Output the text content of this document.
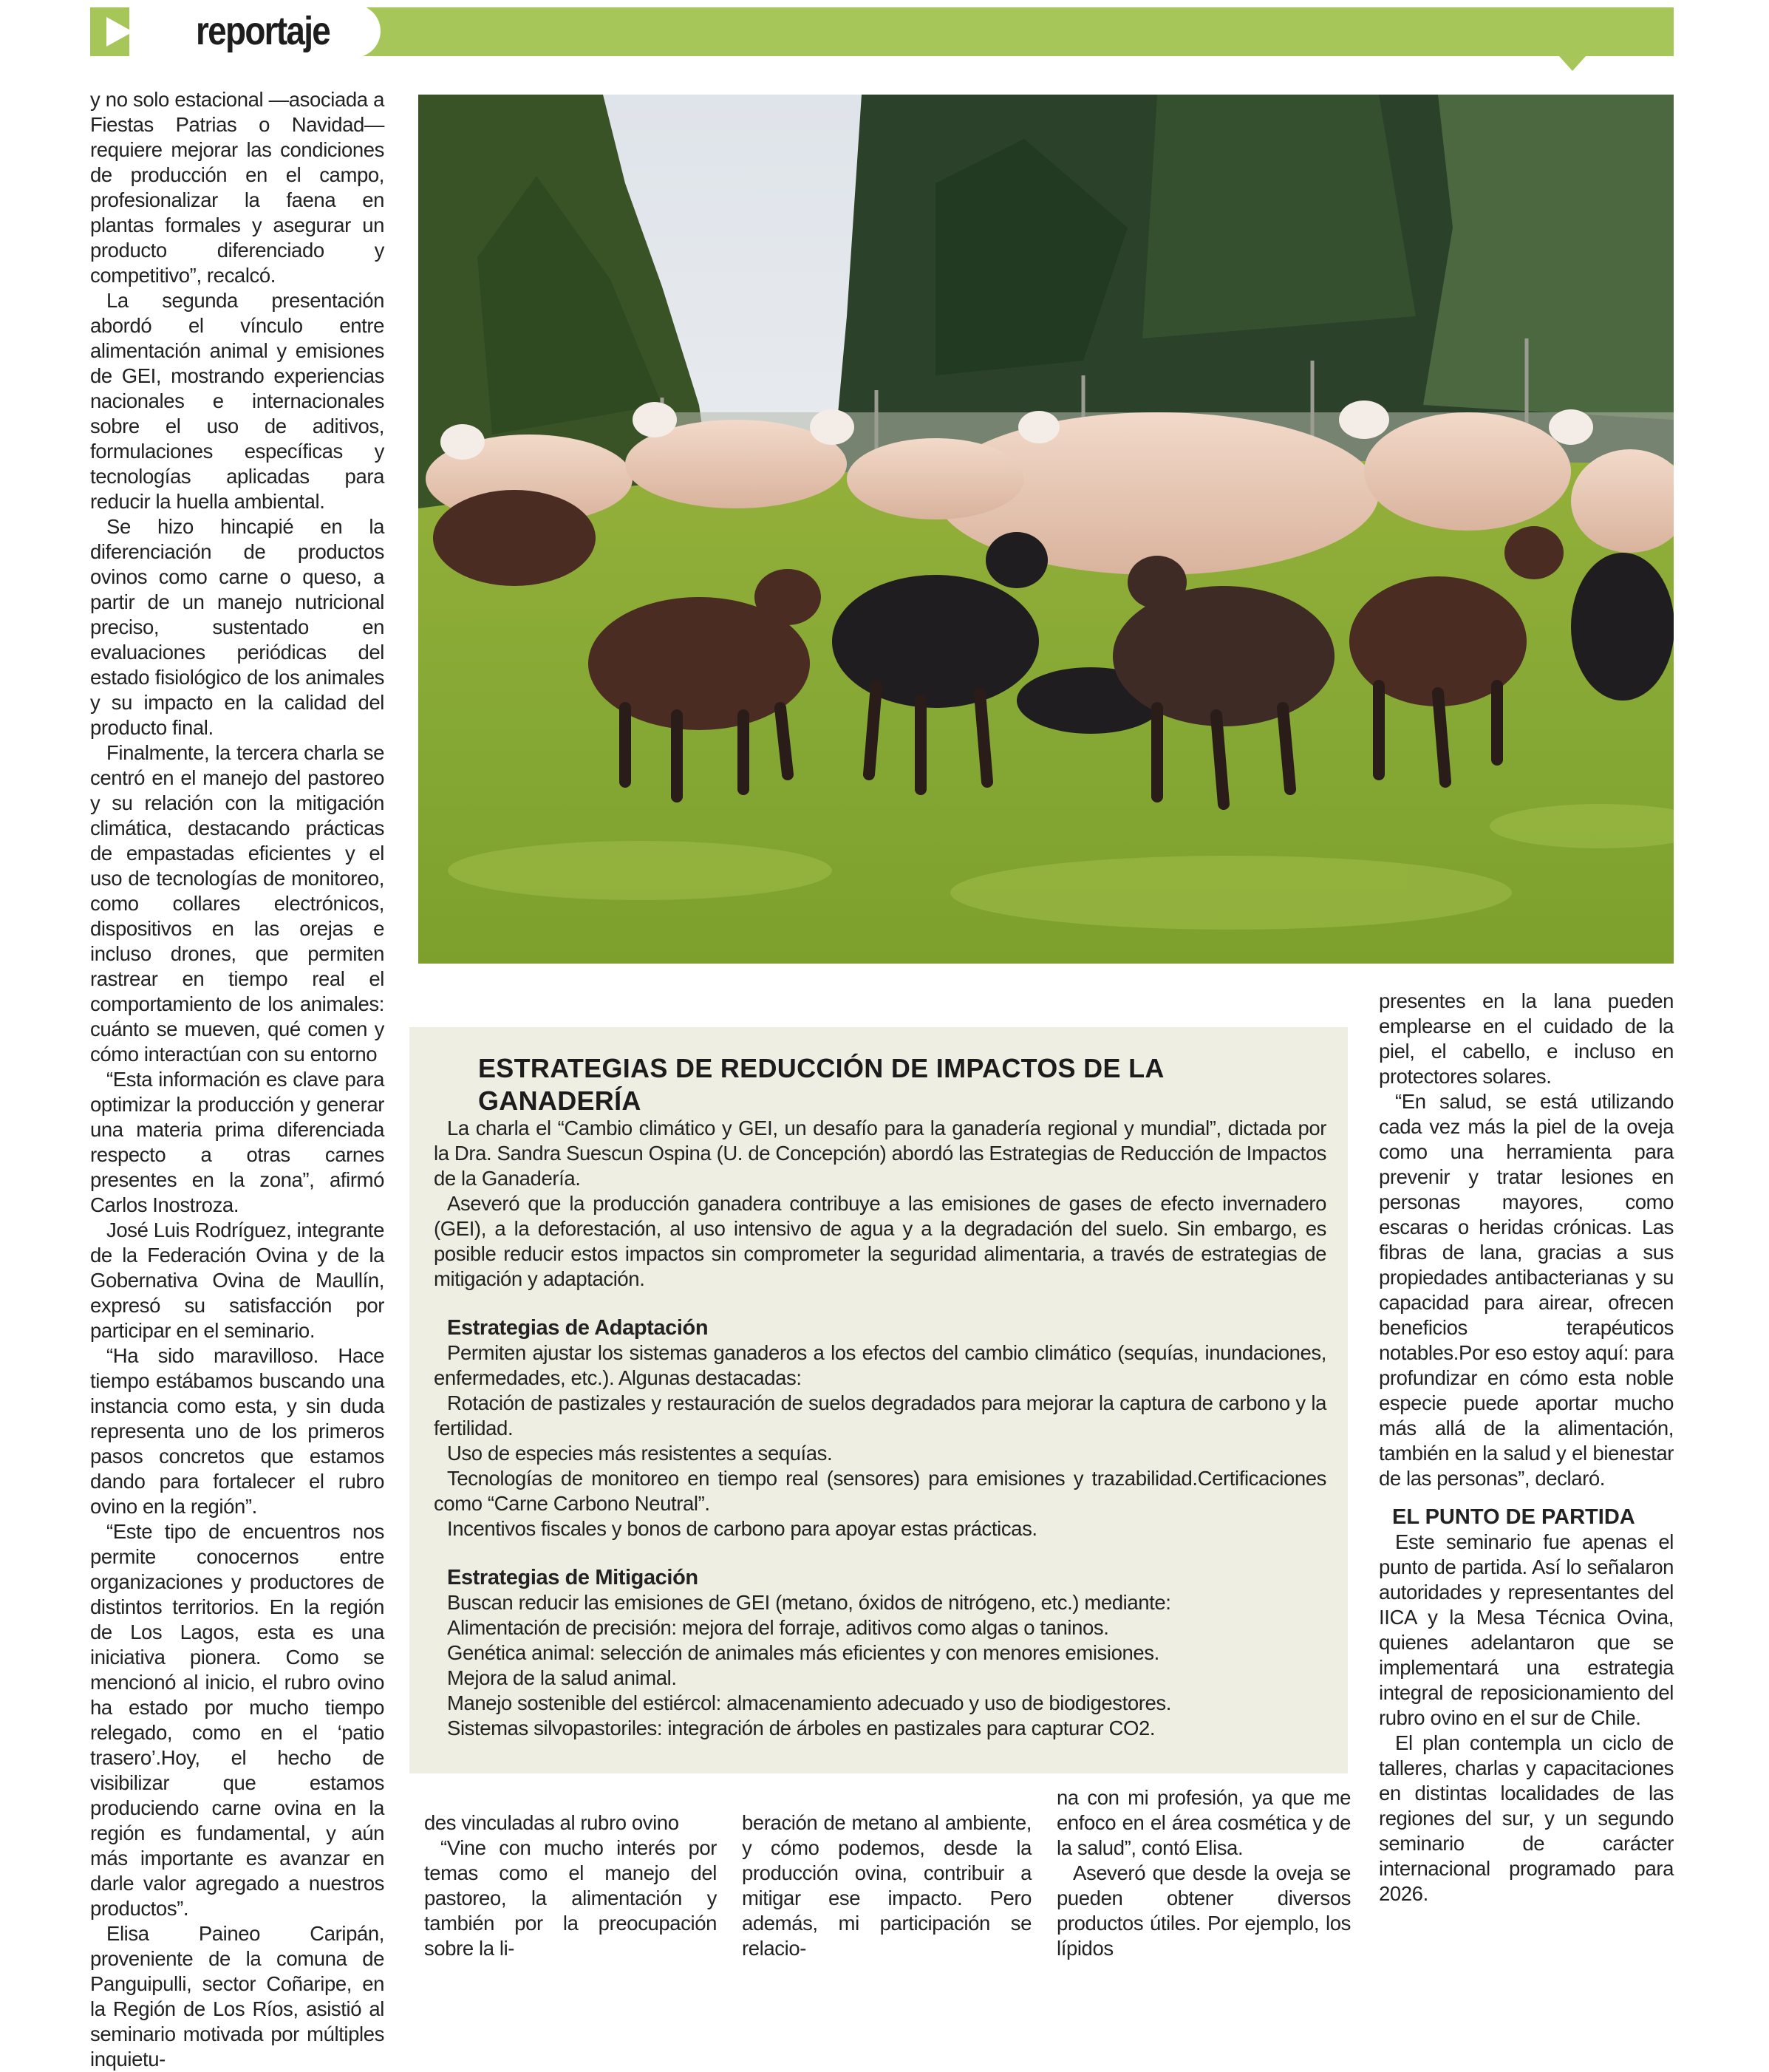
reportaje

y no solo estacional —asociada a Fiestas Patrias o Navidad— requiere mejorar las condiciones de producción en el campo, profesionalizar la faena en plantas formales y asegurar un producto diferenciado y competitivo”, recalcó.

La segunda presentación abordó el vínculo entre alimentación animal y emisiones de GEI, mostrando experiencias nacionales e internacionales sobre el uso de aditivos, formulaciones específicas y tecnologías aplicadas para reducir la huella ambiental.

Se hizo hincapié en la diferenciación de productos ovinos como carne o queso, a partir de un manejo nutricional preciso, sustentado en evaluaciones periódicas del estado fisiológico de los animales y su impacto en la calidad del producto final.

Finalmente, la tercera charla se centró en el manejo del pastoreo y su relación con la mitigación climática, destacando prácticas de empastadas eficientes y el uso de tecnologías de monitoreo, como collares electrónicos, dispositivos en las orejas e incluso drones, que permiten rastrear en tiempo real el comportamiento de los animales: cuánto se mueven, qué comen y cómo interactúan con su entorno

“Esta información es clave para optimizar la producción y generar una materia prima diferenciada respecto a otras carnes presentes en la zona”, afirmó Carlos Inostroza.

José Luis Rodríguez, integrante de la Federación Ovina y de la Gobernativa Ovina de Maullín, expresó su satisfacción por participar en el seminario.

“Ha sido maravilloso. Hace tiempo estábamos buscando una instancia como esta, y sin duda representa uno de los primeros pasos concretos que estamos dando para fortalecer el rubro ovino en la región”.

“Este tipo de encuentros nos permite conocernos entre organizaciones y productores de distintos territorios. En la región de Los Lagos, esta es una iniciativa pionera. Como se mencionó al inicio, el rubro ovino ha estado por mucho tiempo relegado, como en el ‘patio trasero’.Hoy, el hecho de visibilizar que estamos produciendo carne ovina en la región es fundamental, y aún más importante es avanzar en darle valor agregado a nuestros productos”.

Elisa Paineo Caripán, proveniente de la comuna de Panguipulli, sector Coñaripe, en la Región de Los Ríos, asistió al seminario motivada por múltiples inquietu-

des vinculadas al rubro ovino

“Vine con mucho interés por temas como el manejo del pastoreo, la alimentación y también por la preocupación sobre la li-

beración de metano al ambiente, y cómo podemos, desde la producción ovina, contribuir a mitigar ese impacto. Pero además, mi participación se relacio-

na con mi profesión, ya que me enfoco en el área cosmética y de la salud”, contó Elisa.

Aseveró que desde la oveja se pueden obtener diversos productos útiles. Por ejemplo, los lípidos

presentes en la lana pueden emplearse en el cuidado de la piel, el cabello, e incluso en protectores solares.

“En salud, se está utilizando cada vez más la piel de la oveja como una herramienta para prevenir y tratar lesiones en personas mayores, como escaras o heridas crónicas. Las fibras de lana, gracias a sus propiedades antibacterianas y su capacidad para airear, ofrecen beneficios terapéuticos notables.Por eso estoy aquí: para profundizar en cómo esta noble especie puede aportar mucho más allá de la alimentación, también en la salud y el bienestar de las personas”, declaró.

EL PUNTO DE PARTIDA

Este seminario fue apenas el punto de partida. Así lo señalaron autoridades y representantes del IICA y la Mesa Técnica Ovina, quienes adelantaron que se implementará una estrategia integral de reposicionamiento del rubro ovino en el sur de Chile.

El plan contempla un ciclo de talleres, charlas y capacitaciones en distintas localidades de las regiones del sur, y un segundo seminario de carácter internacional programado para 2026.

ESTRATEGIAS DE REDUCCIÓN DE IMPACTOS DE LA GANADERÍA

La charla el “Cambio climático y GEI, un desafío para la ganadería regional y mundial”, dictada por la Dra. Sandra Suescun Ospina (U. de Concepción) abordó las Estrategias de Reducción de Impactos de la Ganadería.

Aseveró que la producción ganadera contribuye a las emisiones de gases de efecto invernadero (GEI), a la deforestación, al uso intensivo de agua y a la degradación del suelo. Sin embargo, es posible reducir estos impactos sin comprometer la seguridad alimentaria, a través de estrategias de mitigación y adaptación.

Estrategias de Adaptación

Permiten ajustar los sistemas ganaderos a los efectos del cambio climático (sequías, inundaciones, enfermedades, etc.). Algunas destacadas:

Rotación de pastizales y restauración de suelos degradados para mejorar la captura de carbono y la fertilidad.

Uso de especies más resistentes a sequías.

Tecnologías de monitoreo en tiempo real (sensores) para emisiones y trazabilidad.Certificaciones como “Carne Carbono Neutral”.

Incentivos fiscales y bonos de carbono para apoyar estas prácticas.

Estrategias de Mitigación

Buscan reducir las emisiones de GEI (metano, óxidos de nitrógeno, etc.) mediante:

Alimentación de precisión: mejora del forraje, aditivos como algas o taninos.

Genética animal: selección de animales más eficientes y con menores emisiones.

Mejora de la salud animal.

Manejo sostenible del estiércol: almacenamiento adecuado y uso de biodigestores.

Sistemas silvopastoriles: integración de árboles en pastizales para capturar CO2.
